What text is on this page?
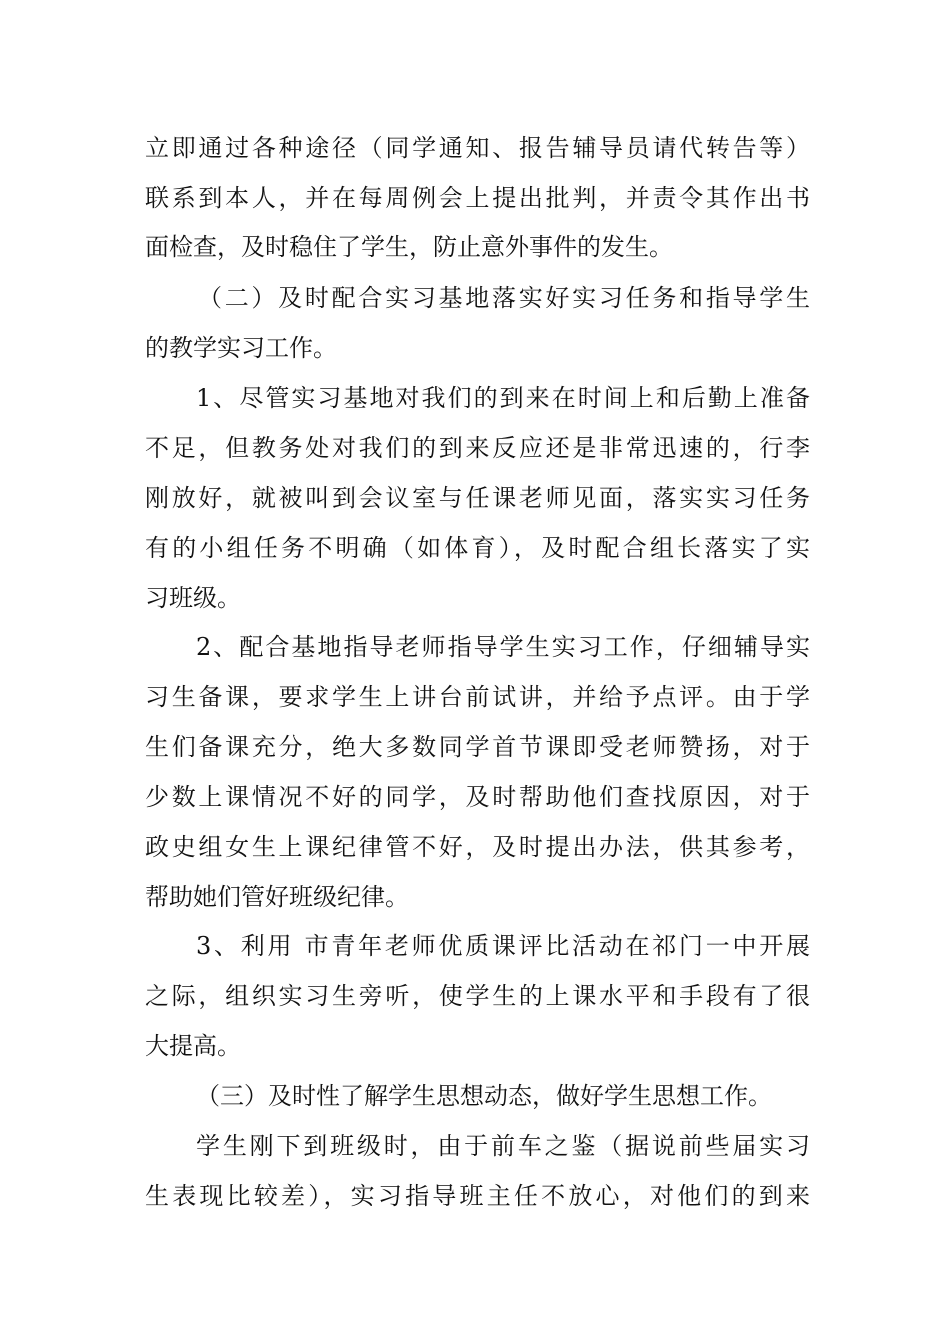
立即通过各种途径（同学通知、报告辅导员请代转告等）
联系到本人，并在每周例会上提出批判，并责令其作出书
面检查，及时稳住了学生，防止意外事件的发生。
（二）及时配合实习基地落实好实习任务和指导学生
的教学实习工作。
1、尽管实习基地对我们的到来在时间上和后勤上准备
不足，但教务处对我们的到来反应还是非常迅速的，行李
刚放好，就被叫到会议室与任课老师见面，落实实习任务
有的小组任务不明确（如体育），及时配合组长落实了实
习班级。
2、配合基地指导老师指导学生实习工作，仔细辅导实
习生备课，要求学生上讲台前试讲，并给予点评。由于学
生们备课充分，绝大多数同学首节课即受老师赞扬，对于
少数上课情况不好的同学，及时帮助他们查找原因，对于
政史组女生上课纪律管不好，及时提出办法，供其参考，
帮助她们管好班级纪律。
3、利用 市青年老师优质课评比活动在祁门一中开展
之际，组织实习生旁听，使学生的上课水平和手段有了很
大提高。
（三）及时性了解学生思想动态，做好学生思想工作。
学生刚下到班级时，由于前车之鉴（据说前些届实习
生表现比较差），实习指导班主任不放心，对他们的到来
